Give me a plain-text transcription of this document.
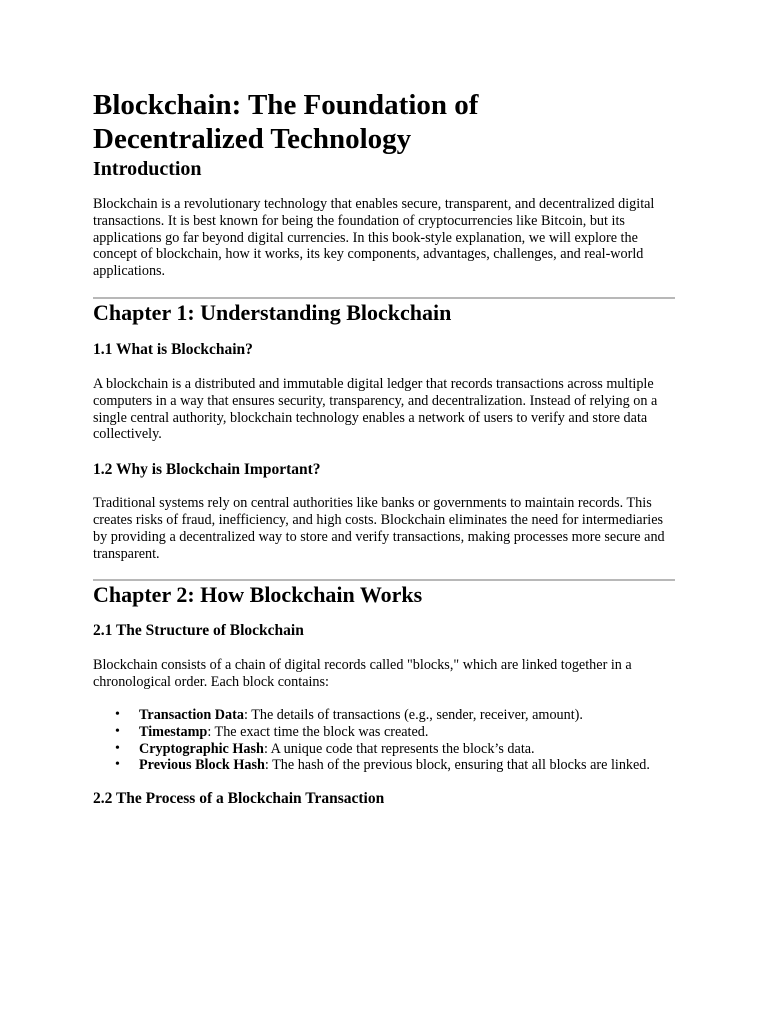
Blockchain: The Foundation of Decentralized Technology
Introduction

Blockchain is a revolutionary technology that enables secure, transparent, and decentralized digital transactions. It is best known for being the foundation of cryptocurrencies like Bitcoin, but its applications go far beyond digital currencies. In this book-style explanation, we will explore the concept of blockchain, how it works, its key components, advantages, challenges, and real-world applications.

Chapter 1: Understanding Blockchain
1.1 What is Blockchain?

A blockchain is a distributed and immutable digital ledger that records transactions across multiple computers in a way that ensures security, transparency, and decentralization. Instead of relying on a single central authority, blockchain technology enables a network of users to verify and store data collectively.

1.2 Why is Blockchain Important?

Traditional systems rely on central authorities like banks or governments to maintain records. This creates risks of fraud, inefficiency, and high costs. Blockchain eliminates the need for intermediaries by providing a decentralized way to store and verify transactions, making processes more secure and transparent.

Chapter 2: How Blockchain Works
2.1 The Structure of Blockchain

Blockchain consists of a chain of digital records called "blocks," which are linked together in a chronological order. Each block contains:

• Transaction Data: The details of transactions (e.g., sender, receiver, amount).
• Timestamp: The exact time the block was created.
• Cryptographic Hash: A unique code that represents the block’s data.
• Previous Block Hash: The hash of the previous block, ensuring that all blocks are linked.
2.2 The Process of a Blockchain Transaction
